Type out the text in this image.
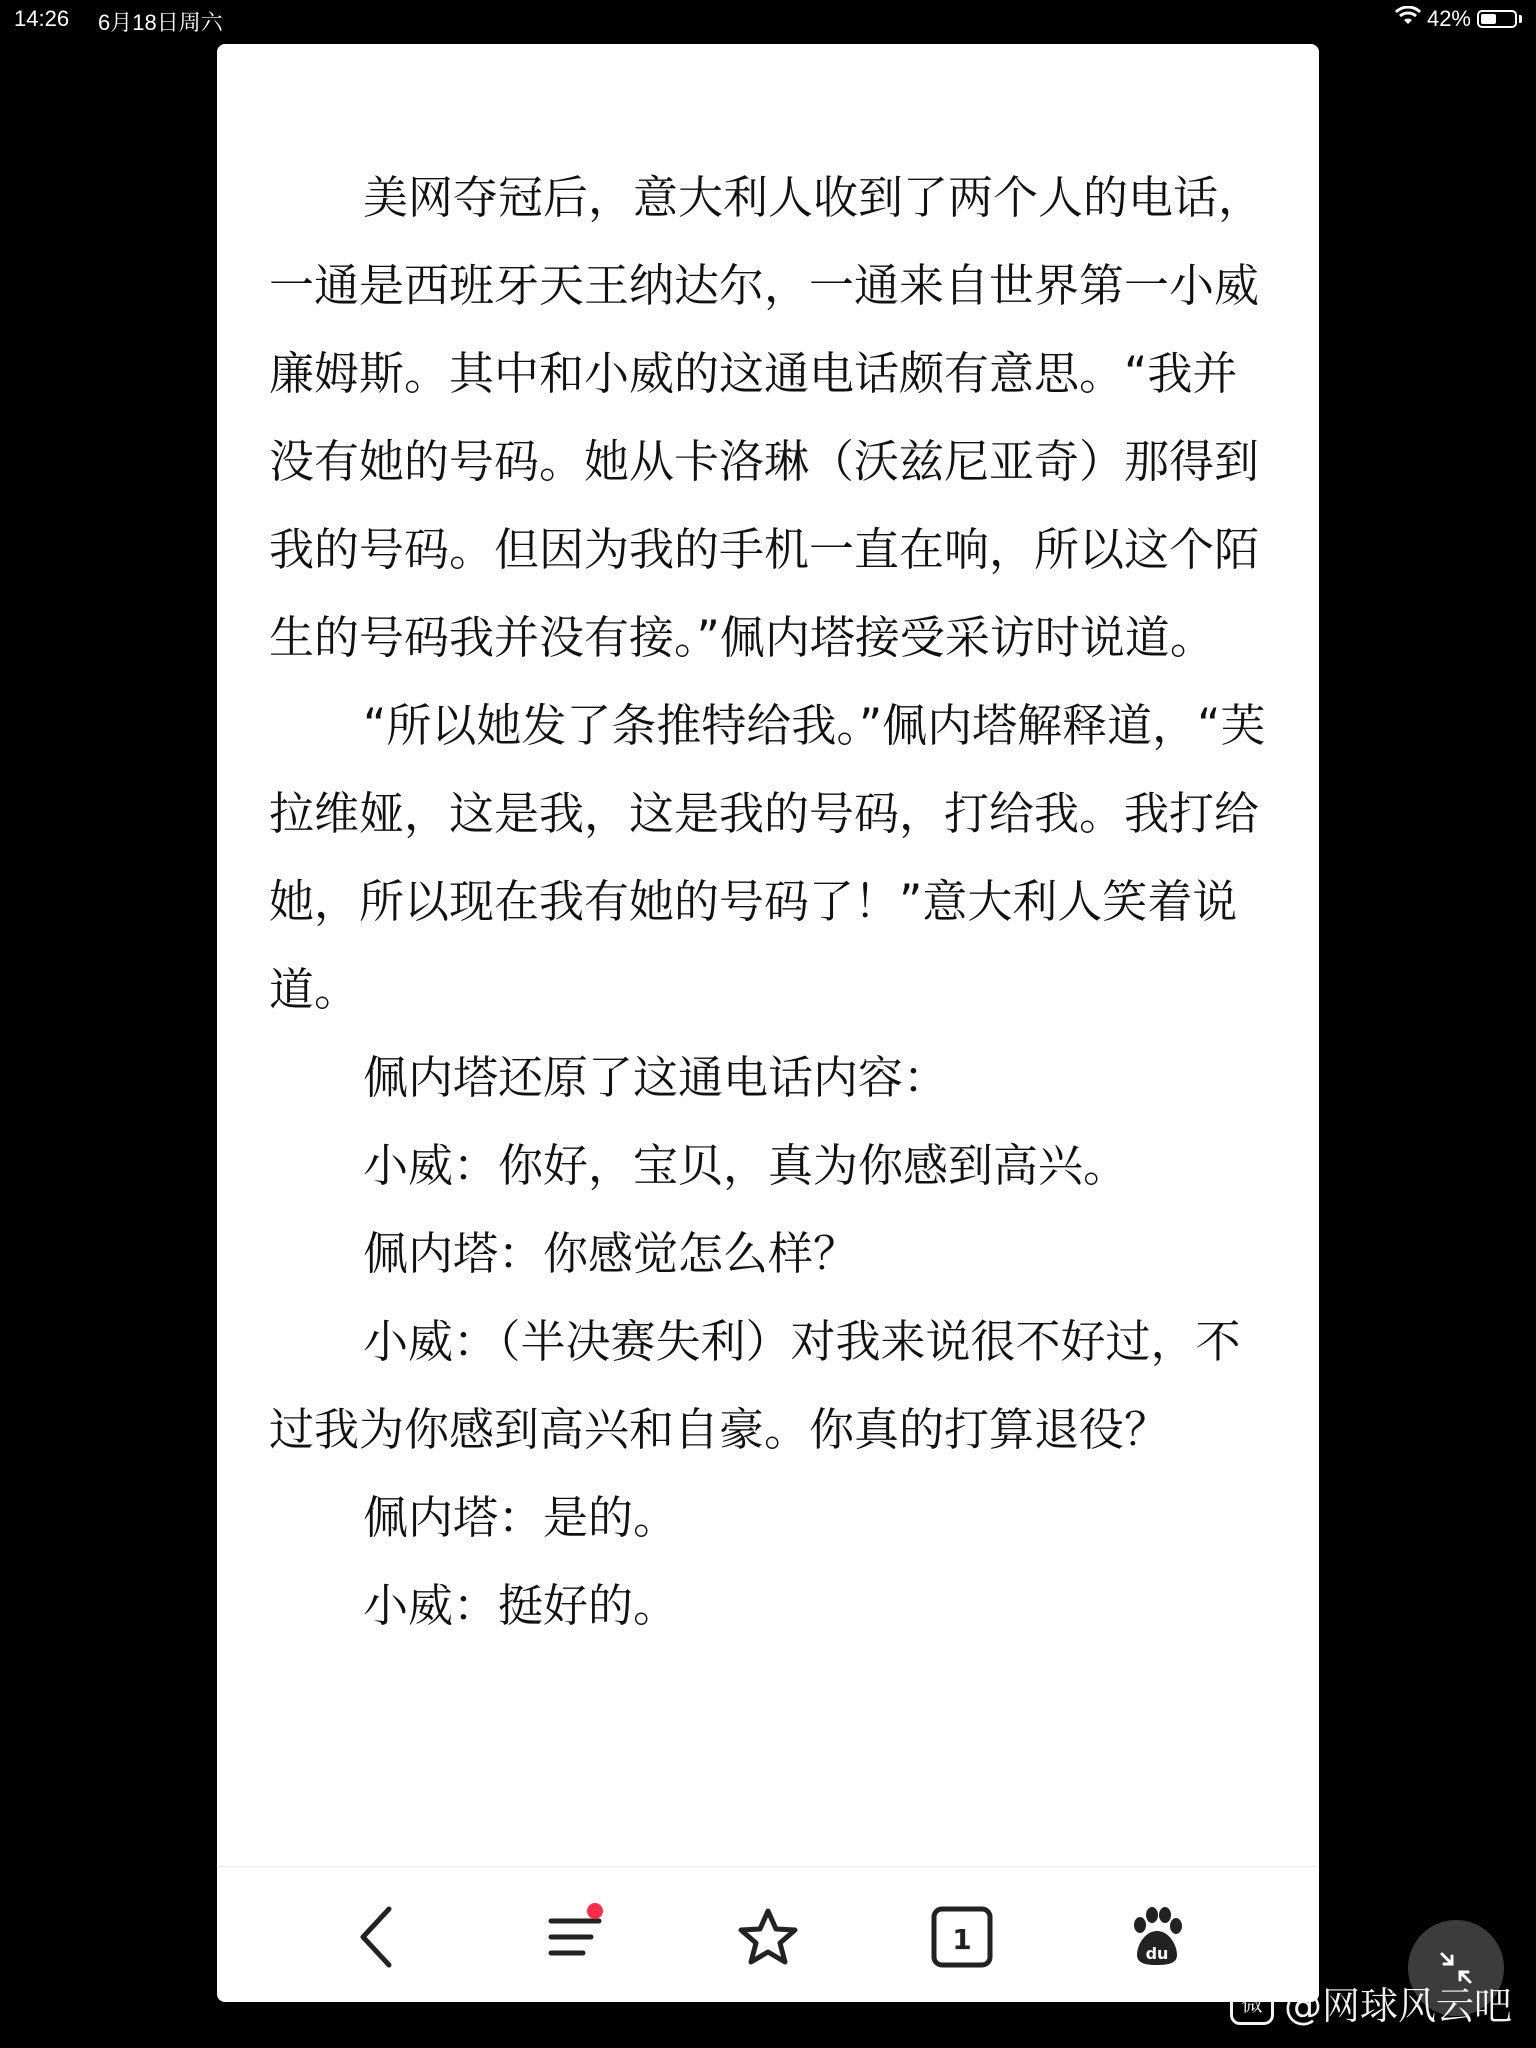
14:26 6月18日周六	42%

美网夺冠后，意大利人收到了两个人的电话，一通是西班牙天王纳达尔，一通来自世界第一小威廉姆斯。其中和小威的这通电话颇有意思。“我并没有她的号码。她从卡洛琳（沃兹尼亚奇）那得到我的号码。但因为我的手机一直在响，所以这个陌生的号码我并没有接。”佩内塔接受采访时说道。

“所以她发了条推特给我。”佩内塔解释道，“芙拉维娅，这是我，这是我的号码，打给我。我打给她，所以现在我有她的号码了！”意大利人笑着说道。

佩内塔还原了这通电话内容：

小威：你好，宝贝，真为你感到高兴。

佩内塔：你感觉怎么样？

小威：（半决赛失利）对我来说很不好过，不过我为你感到高兴和自豪。你真的打算退役？

佩内塔：是的。

小威：挺好的。

1	du
微 @网球风云吧
